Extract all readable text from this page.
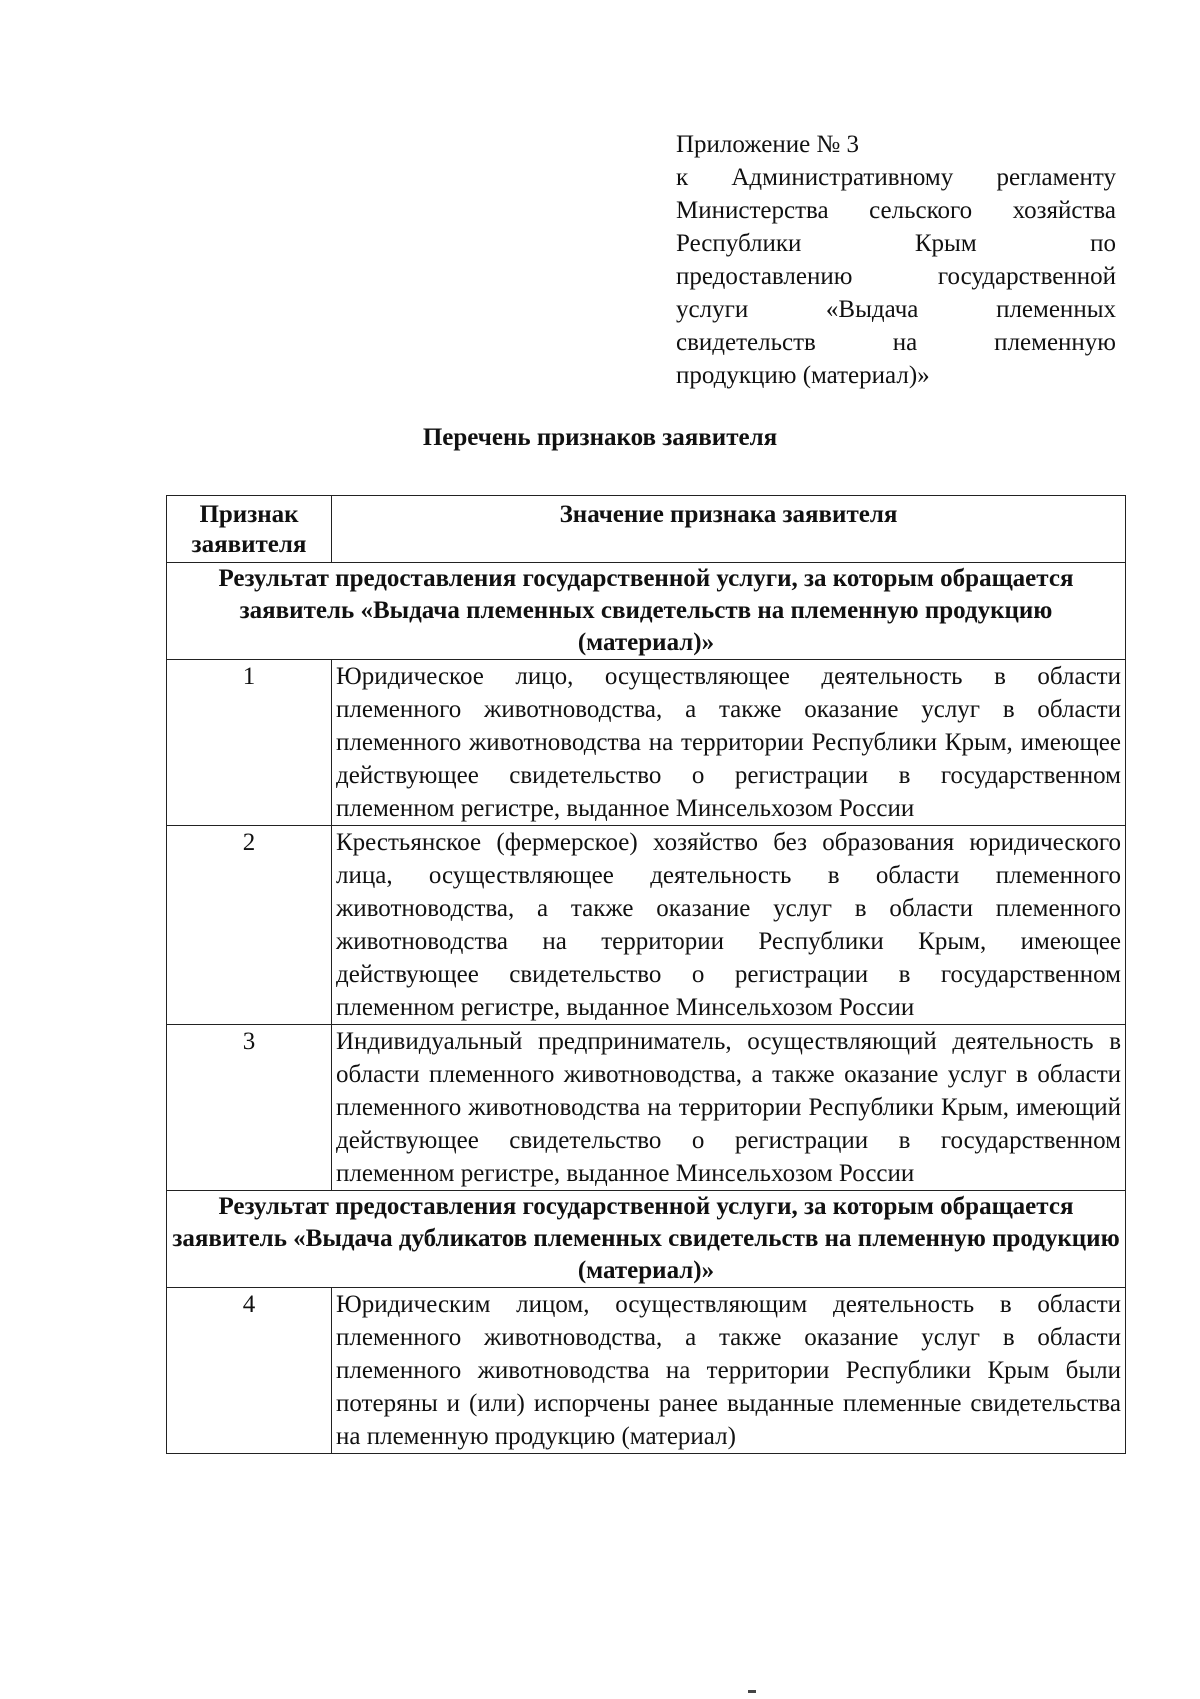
Приложение № 3
к Административному регламенту
Министерства сельского хозяйства
Республики Крым по
предоставлению государственной
услуги «Выдача племенных
свидетельств на племенную
продукцию (материал)»
Перечень признаков заявителя
Признак заявителя	Значение признака заявителя
Результат предоставления государственной услуги, за которым обращается заявитель «Выдача племенных свидетельств на племенную продукцию (материал)»	
1	Юридическое лицо, осуществляющее деятельность в области племенного животноводства, а также оказание услуг в области племенного животноводства на территории Республики Крым, имеющее действующее свидетельство о регистрации в государственном племенном регистре, выданное Минсельхозом России
2	Крестьянское (фермерское) хозяйство без образования юридического лица, осуществляющее деятельность в области племенного животноводства, а также оказание услуг в области племенного животноводства на территории Республики Крым, имеющее действующее свидетельство о регистрации в государственном племенном регистре, выданное Минсельхозом России
3	Индивидуальный предприниматель, осуществляющий деятельность в области племенного животноводства, а также оказание услуг в области племенного животноводства на территории Республики Крым, имеющий действующее свидетельство о регистрации в государственном племенном регистре, выданное Минсельхозом России
Результат предоставления государственной услуги, за которым обращается заявитель «Выдача дубликатов племенных свидетельств на племенную продукцию (материал)»	
4	Юридическим лицом, осуществляющим деятельность в области племенного животноводства, а также оказание услуг в области племенного животноводства на территории Республики Крым были потеряны и (или) испорчены ранее выданные племенные свидетельства на племенную продукцию (материал)
